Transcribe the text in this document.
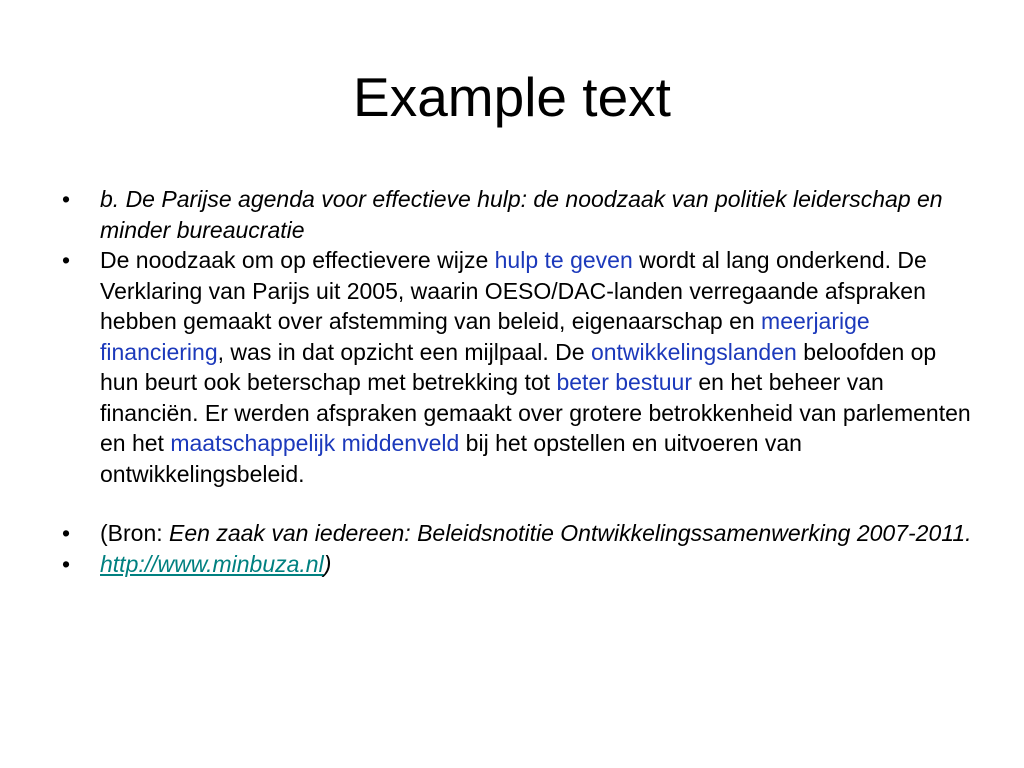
Example text
•	b. De Parijse agenda voor effectieve hulp: de noodzaak van politiek leiderschap en minder bureaucratie
•	De noodzaak om op effectievere wijze hulp te geven wordt al lang onderkend. De Verklaring van Parijs uit 2005, waarin OESO/DAC-landen verregaande afspraken hebben gemaakt over afstemming van beleid, eigenaarschap en meerjarige financiering, was in dat opzicht een mijlpaal. De ontwikkelingslanden beloofden op hun beurt ook beterschap met betrekking tot beter bestuur en het beheer van financiën. Er werden afspraken gemaakt over grotere betrokkenheid van parlementen en het maatschappelijk middenveld bij het opstellen en uitvoeren van ontwikkelingsbeleid.
•	(Bron: Een zaak van iedereen: Beleidsnotitie Ontwikkelingssamenwerking 2007-2011.
•	http://www.minbuza.nl)
